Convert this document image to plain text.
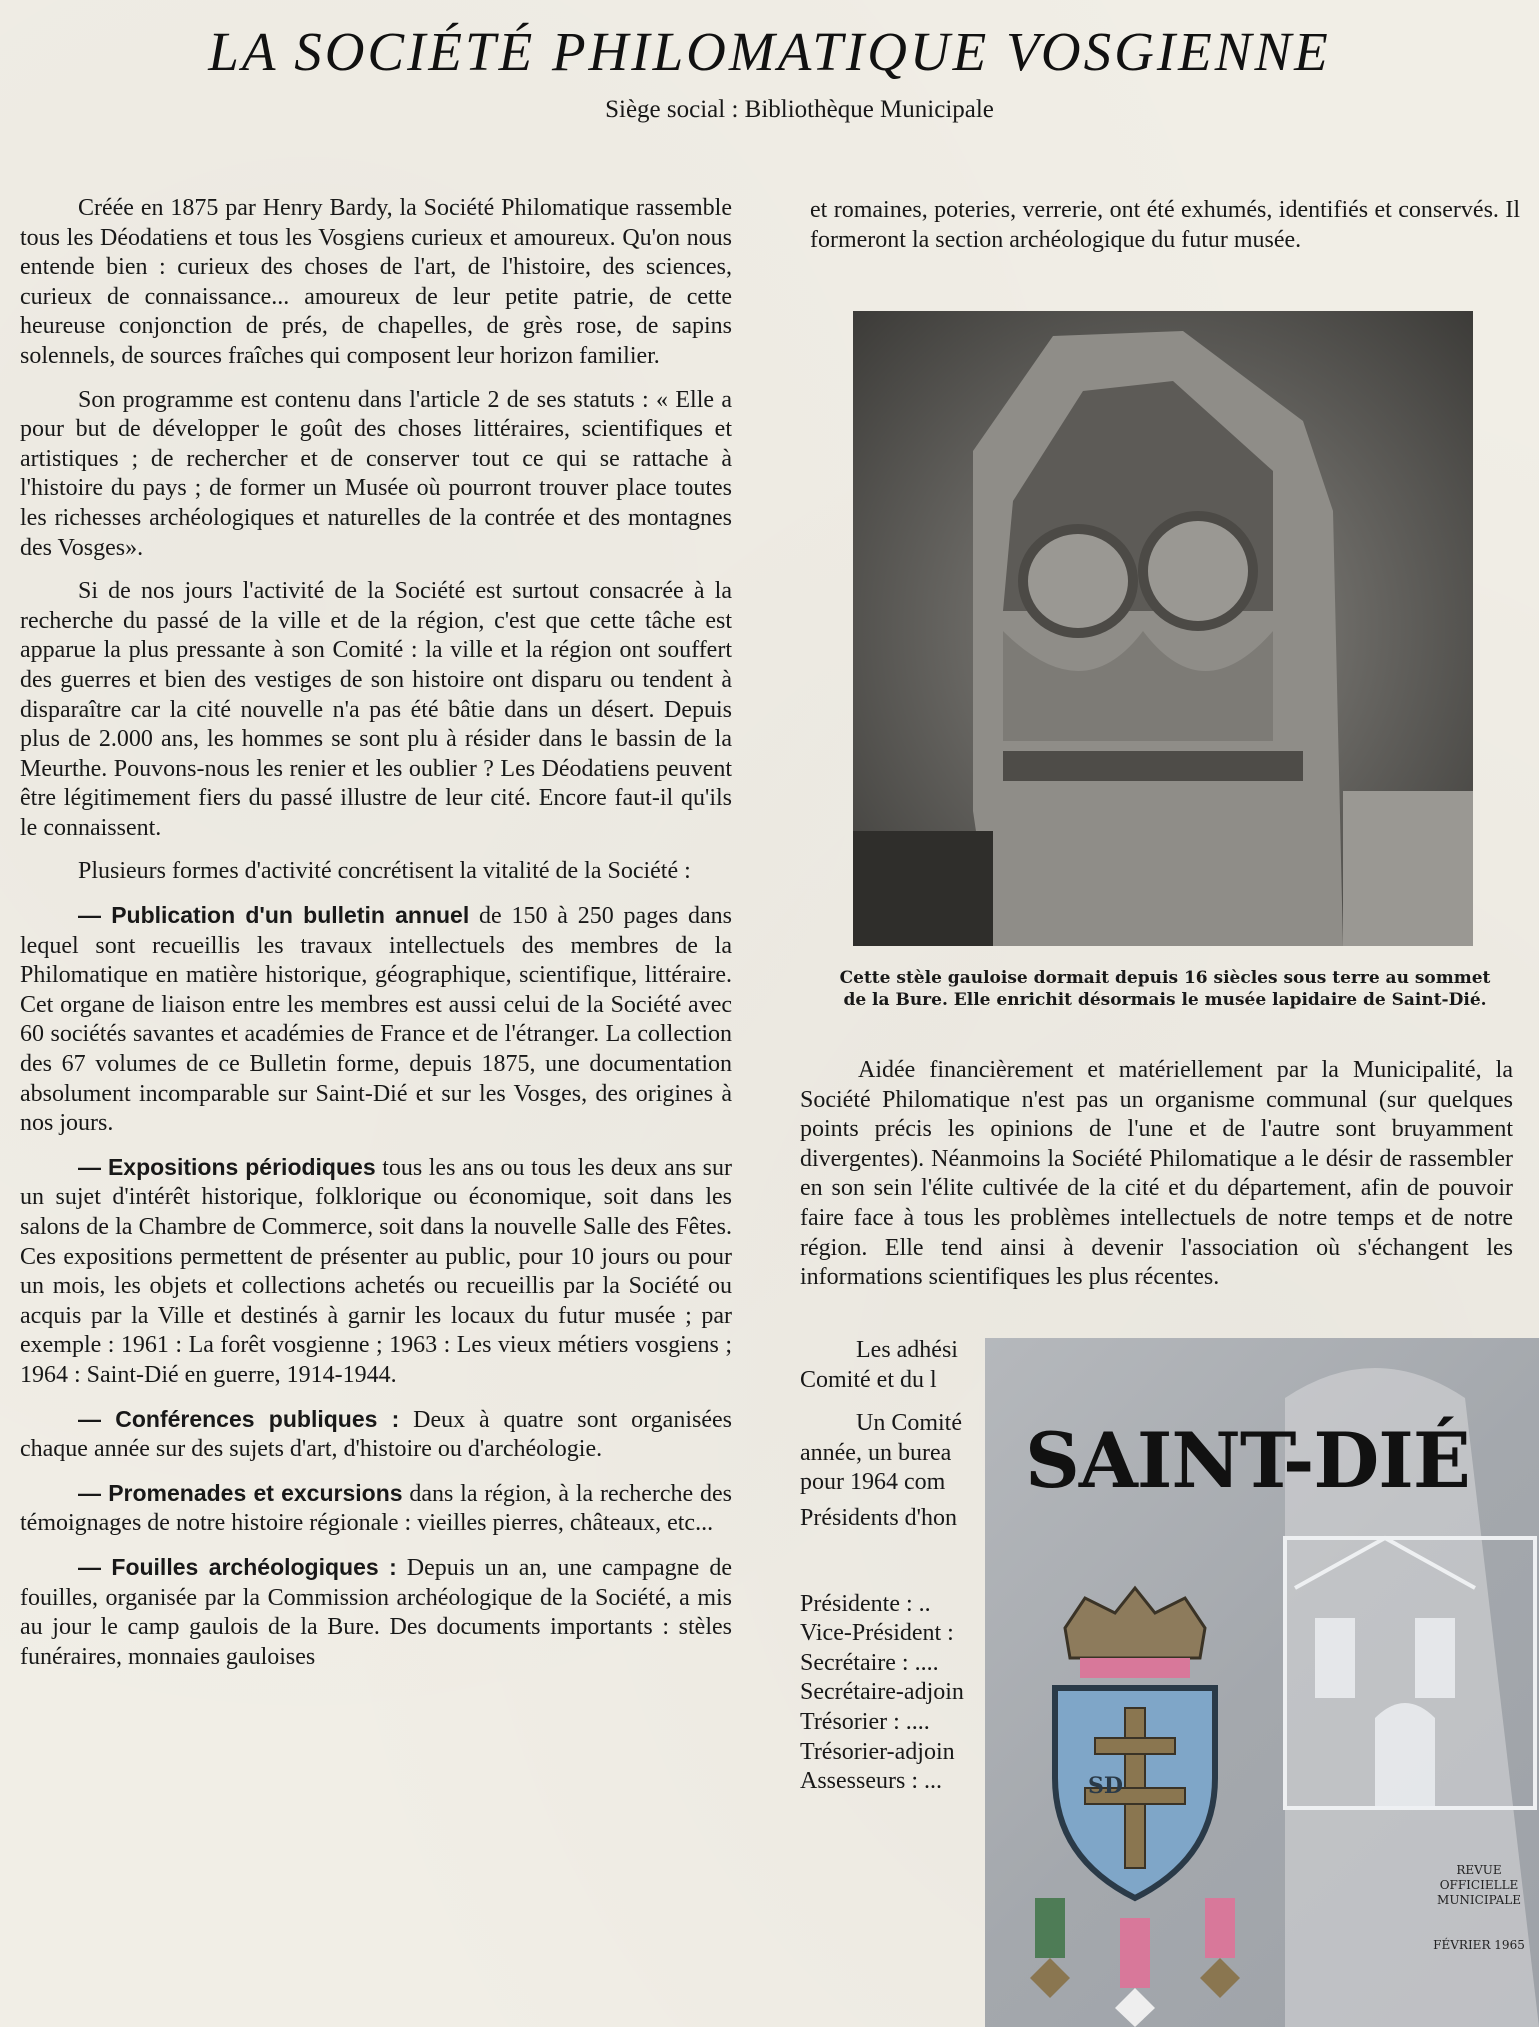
LA SOCIÉTÉ PHILOMATIQUE VOSGIENNE
Siège social : Bibliothèque Municipale

Créée en 1875 par Henry Bardy, la Société Philomatique rassemble tous les Déodatiens et tous les Vosgiens curieux et amoureux. Qu'on nous entende bien : curieux des choses de l'art, de l'histoire, des sciences, curieux de connaissance... amoureux de leur petite patrie, de cette heureuse conjonction de prés, de chapelles, de grès rose, de sapins solennels, de sources fraîches qui composent leur horizon familier.

Son programme est contenu dans l'article 2 de ses statuts : « Elle a pour but de développer le goût des choses littéraires, scientifiques et artistiques ; de rechercher et de conserver tout ce qui se rattache à l'histoire du pays ; de former un Musée où pourront trouver place toutes les richesses archéologiques et naturelles de la contrée et des montagnes des Vosges».

Si de nos jours l'activité de la Société est surtout consacrée à la recherche du passé de la ville et de la région, c'est que cette tâche est apparue la plus pressante à son Comité : la ville et la région ont souffert des guerres et bien des vestiges de son histoire ont disparu ou tendent à disparaître car la cité nouvelle n'a pas été bâtie dans un désert. Depuis plus de 2.000 ans, les hommes se sont plu à résider dans le bassin de la Meurthe. Pouvons-nous les renier et les oublier ? Les Déodatiens peuvent être légitimement fiers du passé illustre de leur cité. Encore faut-il qu'ils le connaissent.

Plusieurs formes d'activité concrétisent la vitalité de la Société :

— Publication d'un bulletin annuel de 150 à 250 pages dans lequel sont recueillis les travaux intellectuels des membres de la Philomatique en matière historique, géographique, scientifique, littéraire. Cet organe de liaison entre les membres est aussi celui de la Société avec 60 sociétés savantes et académies de France et de l'étranger. La collection des 67 volumes de ce Bulletin forme, depuis 1875, une documentation absolument incomparable sur Saint-Dié et sur les Vosges, des origines à nos jours.

— Expositions périodiques tous les ans ou tous les deux ans sur un sujet d'intérêt historique, folklorique ou économique, soit dans les salons de la Chambre de Commerce, soit dans la nouvelle Salle des Fêtes. Ces expositions permettent de présenter au public, pour 10 jours ou pour un mois, les objets et collections achetés ou recueillis par la Société ou acquis par la Ville et destinés à garnir les locaux du futur musée ; par exemple : 1961 : La forêt vosgienne ; 1963 : Les vieux métiers vosgiens ; 1964 : Saint-Dié en guerre, 1914-1944.

— Conférences publiques : Deux à quatre sont organisées chaque année sur des sujets d'art, d'histoire ou d'archéologie.

— Promenades et excursions dans la région, à la recherche des témoignages de notre histoire régionale : vieilles pierres, châteaux, etc...

— Fouilles archéologiques : Depuis un an, une campagne de fouilles, organisée par la Commission archéologique de la Société, a mis au jour le camp gaulois de la Bure. Des documents importants : stèles funéraires, monnaies gauloises

et romaines, poteries, verrerie, ont été exhumés, identifiés et conservés. Il formeront la section archéologique du futur musée.

Cette stèle gauloise dormait depuis 16 siècles sous terre au sommet de la Bure. Elle enrichit désormais le musée lapidaire de Saint-Dié.

Aidée financièrement et matériellement par la Municipalité, la Société Philomatique n'est pas un organisme communal (sur quelques points précis les opinions de l'une et de l'autre sont bruyamment divergentes). Néanmoins la Société Philomatique a le désir de rassembler en son sein l'élite cultivée de la cité et du département, afin de pouvoir faire face à tous les problèmes intellectuels de notre temps et de notre région. Elle tend ainsi à devenir l'association où s'échangent les informations scientifiques les plus récentes.

Les adhési
Comité et du l
Un Comité
année, un burea
pour 1964 com
Présidents d'hon
Présidente : ..
Vice-Président :
Secrétaire : ....
Secrétaire-adjoin
Trésorier : ....
Trésorier-adjoin
Assesseurs : ...	SD
SAINT-DIÉ
REVUE
OFFICIELLE
MUNICIPALE
FÉVRIER 1965
